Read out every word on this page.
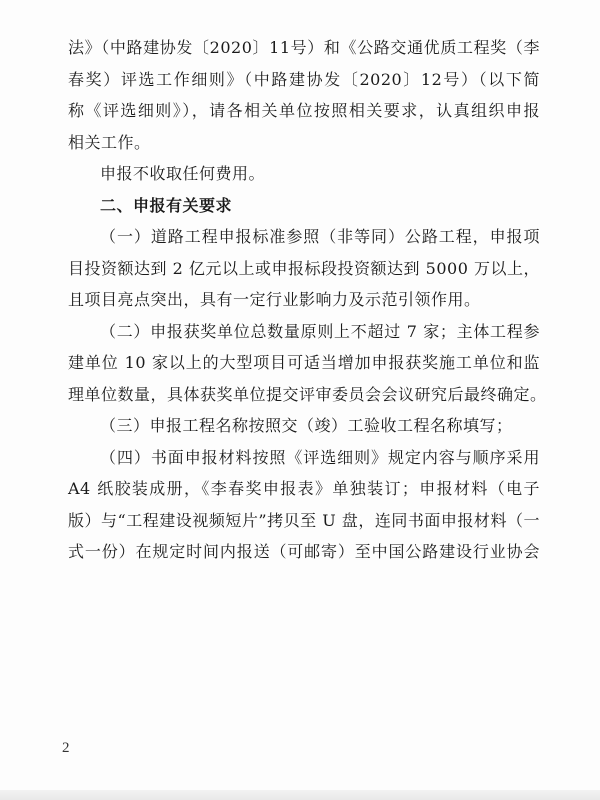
法》（中路建协发〔2020〕11号）和《公路交通优质工程奖（李
春奖）评选工作细则》（中路建协发〔2020〕12号）（以下简
称《评选细则》），请各相关单位按照相关要求，认真组织申报
相关工作。
申报不收取任何费用。
二、申报有关要求
（一）道路工程申报标准参照（非等同）公路工程，申报项
目投资额达到 2 亿元以上或申报标段投资额达到 5000 万以上，
且项目亮点突出，具有一定行业影响力及示范引领作用。
（二）申报获奖单位总数量原则上不超过 7 家；主体工程参
建单位 10 家以上的大型项目可适当增加申报获奖施工单位和监
理单位数量，具体获奖单位提交评审委员会会议研究后最终确定。
（三）申报工程名称按照交（竣）工验收工程名称填写；
（四）书面申报材料按照《评选细则》规定内容与顺序采用
A4 纸胶装成册，《李春奖申报表》单独装订；申报材料（电子
版）与“工程建设视频短片”拷贝至 U 盘，连同书面申报材料（一
式一份）在规定时间内报送（可邮寄）至中国公路建设行业协会
2
